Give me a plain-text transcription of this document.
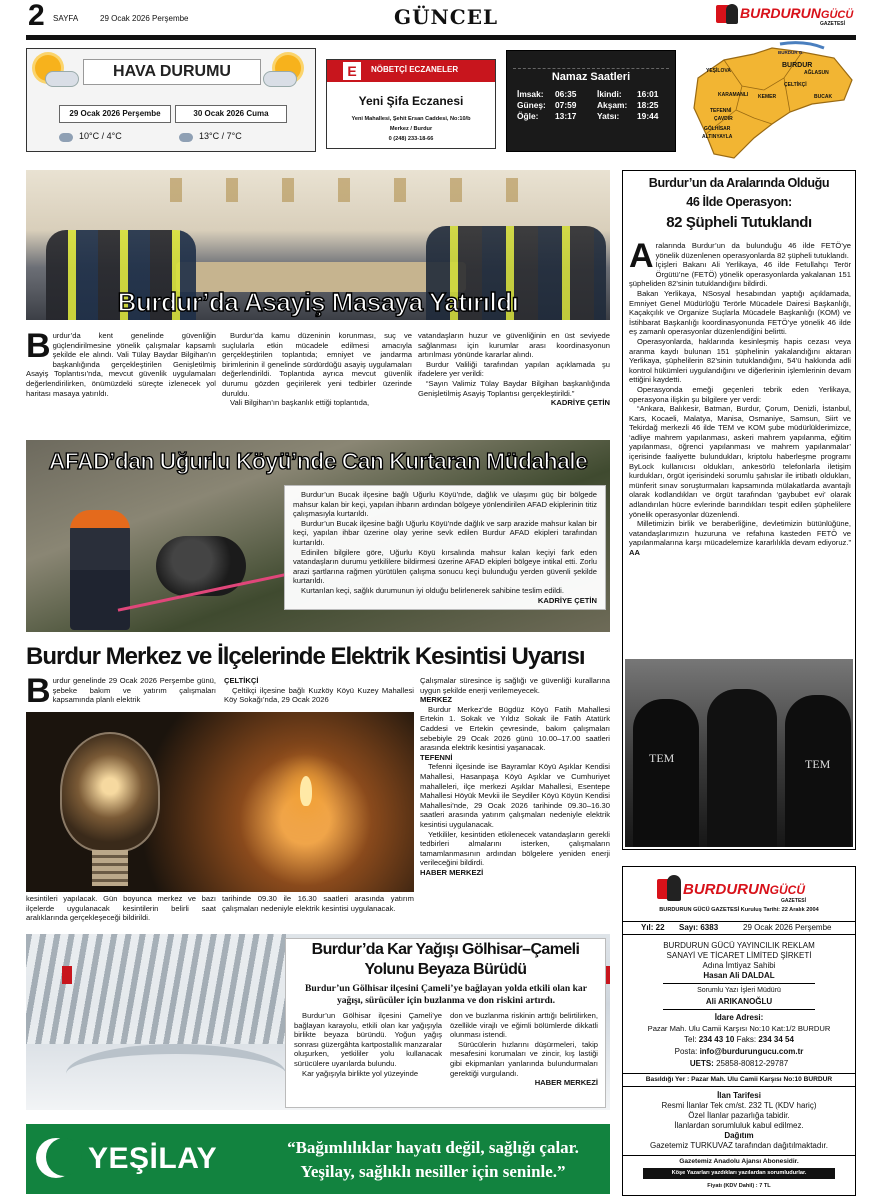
2 SAYFA	29 Ocak 2026 Perşembe	GÜNCEL	BURDURUNGÜCÜ
GAZETESİ
HAVA DURUMU
29 Ocak 2026 Perşembe	30 Ocak 2026 Cuma
10°C / 4°C	13°C / 7°C
E	NÖBETÇİ ECZANELER
Yeni Şifa Eczanesi
Yeni Mahallesi, Şehit Ersan Caddesi, No:10/b
Merkez / Burdur
0 (248) 233-18-66
Namaz Saatleri
İmsak:	06:35	İkindi:	16:01
Güneş:	07:59	Akşam:	18:25
Öğle:	13:17	Yatsı:	19:44
YEŞİLOVA
BURDUR
AĞLASUN
KARAMANLI KEMER
ÇELTİKÇİ
BUCAK
TEFENNİ
ÇAVDIR
GÖLHİSAR
ALTINYAYLA
BURDUR G.
Burdur’da Asayiş Masaya Yatırıldı
B urdur’da kent genelinde güvenliğin güçlendirilmesine yönelik çalışmalar kapsamlı şekilde ele alındı. Vali Tülay Baydar Bilgihan’ın başkanlığında gerçekleştirilen Genişletilmiş Asayiş Toplantısı’nda, mevcut güvenlik uygulamaları değerlendirilirken, önümüzdeki süreçte izlenecek yol haritası masaya yatırıldı.

Burdur’da kamu düzeninin korunması, suç ve suçlularla etkin mücadele edilmesi amacıyla gerçekleştirilen toplantıda; emniyet ve jandarma birimlerinin il genelinde sürdürdüğü asayiş uygulamaları değerlendirildi. Toplantıda ayrıca mevcut güvenlik durumu gözden geçirilerek yeni tedbirler üzerinde duruldu.

Vali Bilgihan’ın başkanlık ettiği toplantıda,

vatandaşların huzur ve güvenliğinin en üst seviyede sağlanması için kurumlar arası koordinasyonun artırılması yönünde kararlar alındı.

Burdur Valiliği tarafından yapılan açıklamada şu ifadelere yer verildi:

“Sayın Valimiz Tülay Baydar Bilgihan başkanlığında Genişletilmiş Asayiş Toplantısı gerçekleştirildi.”

KADRİYE ÇETİN

AFAD’dan Uğurlu Köyü’nde Can Kurtaran Müdahale

Burdur’un Bucak ilçesine bağlı Uğurlu Köyü’nde, dağlık ve ulaşımı güç bir bölgede mahsur kalan bir keçi, yapılan ihbarın ardından bölgeye yönlendirilen AFAD ekiplerinin titiz çalışmasıyla kurtarıldı.

Burdur’un Bucak ilçesine bağlı Uğurlu Köyü’nde dağlık ve sarp arazide mahsur kalan bir keçi, yapılan ihbar üzerine olay yerine sevk edilen Burdur AFAD ekipleri tarafından kurtarıldı.

Edinilen bilgilere göre, Uğurlu Köyü kırsalında mahsur kalan keçiyi fark eden vatandaşların durumu yetkililere bildirmesi üzerine AFAD ekipleri bölgeye intikal etti. Zorlu arazi şartlarına rağmen yürütülen çalışma sonucu keçi bulunduğu yerden güvenli şekilde kurtarıldı.

Kurtarılan keçi, sağlık durumunun iyi olduğu belirlenerek sahibine teslim edildi.

KADRİYE ÇETİN

Burdur Merkez ve İlçelerinde Elektrik Kesintisi Uyarısı
B urdur genelinde 29 Ocak 2026 Perşembe günü, şebeke bakım ve yatırım çalışmaları kapsamında planlı elektrik

ÇELTİKÇİ

Çeltikçi ilçesine bağlı Kuzköy Köyü Kuzey Mahallesi Köy Sokağı’nda, 29 Ocak 2026

Çalışmalar süresince iş sağlığı ve güvenliği kurallarına uygun şekilde enerji verilemeyecek.

MERKEZ

Burdur Merkez’de Bügdüz Köyü Fatih Mahallesi Ertekin 1. Sokak ve Yıldız Sokak ile Fatih Atatürk Caddesi ve Ertekin çevresinde, bakım çalışmaları sebebiyle 29 Ocak 2026 günü 10.00–17.00 saatleri arasında elektrik kesintisi yaşanacak.

TEFENNİ

Tefenni ilçesinde ise Bayramlar Köyü Aşıklar Kendisi Mahallesi, Hasanpaşa Köyü Aşıklar ve Cumhuriyet mahalleleri, ilçe merkezi Aşıklar Mahallesi, Esentepe Mahallesi Höyük Mevkii ile Seydiler Köyü Köyün Kendisi Mahallesi’nde, 29 Ocak 2026 tarihinde 09.30–16.30 saatleri arasında yatırım çalışmaları nedeniyle elektrik kesintisi uygulanacak.

Yetkililer, kesintiden etkilenecek vatandaşların gerekli tedbirleri almalarını isterken, çalışmaların tamamlanmasının ardından bölgelere yeniden enerji verileceğini bildirdi.

HABER MERKEZİ

kesintileri yapılacak. Gün boyunca merkez ve bazı ilçelerde uygulanacak kesintilerin belirli saat aralıklarında gerçekleşeceği bildirildi.
tarihinde 09.30 ile 16.30 saatleri arasında yatırım çalışmaları nedeniyle elektrik kesintisi uygulanacak.
Burdur’da Kar Yağışı Gölhisar–Çameli
Yolunu Beyaza Bürüdü
Burdur’un Gölhisar ilçesini Çameli’ye bağlayan yolda etkili olan kar yağışı, sürücüler için buzlanma ve don riskini artırdı.

Burdur’un Gölhisar ilçesini Çameli’ye bağlayan karayolu, etkili olan kar yağışıyla birlikte beyaza büründü. Yoğun yağış sonrası güzergâhta kartpostallık manzaralar oluşurken, yetkililer yolu kullanacak sürücülere uyarılarda bulundu.

Kar yağışıyla birlikte yol yüzeyinde

don ve buzlanma riskinin arttığı belirtilirken, özellikle virajlı ve eğimli bölümlerde dikkatli olunması istendi.

Sürücülerin hızlarını düşürmeleri, takip mesafesini korumaları ve zincir, kış lastiği gibi ekipmanları yanlarında bulundurmaları gerektiği vurgulandı.

HABER MERKEZİ

YEŞİLAY	“Bağımlılıklar hayatı değil, sağlığı çalar.
Yeşilay, sağlıklı nesiller için seninle.”
Burdur’un da Aralarında Olduğu
46 İlde Operasyon:
82 Şüpheli Tutuklandı

Aralarında Burdur’un da bulunduğu 46 ilde FETÖ’ye yönelik düzenlenen operasyonlarda 82 şüpheli tutuklandı.

İçişleri Bakanı Ali Yerlikaya, 46 ilde Fetullahçı Terör Örgütü’ne (FETÖ) yönelik operasyonlarda yakalanan 151 şüpheliden 82’sinin tutuklandığını bildirdi.

Bakan Yerlikaya, NSosyal hesabından yaptığı açıklamada, Emniyet Genel Müdürlüğü Terörle Mücadele Dairesi Başkanlığı, Kaçakçılık ve Organize Suçlarla Mücadele Başkanlığı (KOM) ve İstihbarat Başkanlığı koordinasyonunda FETÖ’ye yönelik 46 ilde eş zamanlı operasyonlar düzenlendiğini belirtti.

Operasyonlarda, haklarında kesinleşmiş hapis cezası veya aranma kaydı bulunan 151 şüphelinin yakalandığını aktaran Yerlikaya, şüphelilerin 82’sinin tutuklandığını, 54’ü hakkında adli kontrol hükümleri uygulandığını ve diğerlerinin işlemlerinin devam ettiğini kaydetti.

Operasyonda emeği geçenleri tebrik eden Yerlikaya, operasyona ilişkin şu bilgilere yer verdi:

“Ankara, Balıkesir, Batman, Burdur, Çorum, Denizli, İstanbul, Kars, Kocaeli, Malatya, Manisa, Osmaniye, Samsun, Siirt ve Tekirdağ merkezli 46 ilde TEM ve KOM şube müdürlüklerimizce, ‘adliye mahrem yapılanması, askeri mahrem yapılanma, eğitim yapılanması, öğrenci yapılanması ve mahrem yapılanmalar’ içerisinde faaliyette bulundukları, kriptolu haberleşme programı ByLock kullanıcısı oldukları, ankesörlü telefonlarla iletişim kurdukları, örgüt içerisindeki sorumlu şahıslar ile irtibatlı oldukları, münferit sınav soruşturmaları kapsamında mülakatlarda avantajlı olarak kodlandıkları ve örgüt tarafından ‘gaybubet evi’ olarak adlandırılan hücre evlerinde barındıkları tespit edilen şüphelilere yönelik operasyonlar düzenlendi.

Milletimizin birlik ve beraberliğine, devletimizin bütünlüğüne, vatandaşlarımızın huzuruna ve refahına kasteden FETÖ ve yapılanmalarına karşı mücadelemize kararlılıkla devam ediyoruz.” AA

TEM	TEM
BURDURUNGÜCÜ
GAZETESİ
BURDURUN GÜCÜ GAZETESİ Kuruluş Tarihi: 22 Aralık 2004
Yıl: 22 Sayı: 6383	29 Ocak 2026 Perşembe
BURDURUN GÜCÜ YAYINCILIK REKLAM
SANAYİ VE TİCARET LİMİTED ŞİRKETİ
Adına İmtiyaz Sahibi
Hasan Ali DALDAL
Sorumlu Yazı İşleri Müdürü
Ali ARIKANOĞLU
İdare Adresi:
Pazar Mah. Ulu Camii Karşısı No:10 Kat:1/2 BURDUR
Tel: 234 43 10 Faks: 234 34 54
Posta: info@burdurungucu.com.tr
UETS: 25858-80812-29787
Basıldığı Yer : Pazar Mah. Ulu Camii Karşısı No:10 BURDUR
İlan Tarifesi
Resmi İlanlar Tek cm/st. 232 TL (KDV hariç)
Özel İlanlar pazarlığa tabidir.
İlanlardan sorumluluk kabul edilmez.
Dağıtım
Gazetemiz TURKUVAZ tarafından dağıtılmaktadır.
Gazetemiz Anadolu Ajansı Abonesidir.
Köşe Yazarları yazdıkları yazılardan sorumludurlar.
Fiyatı (KDV Dahil) : 7 TL
